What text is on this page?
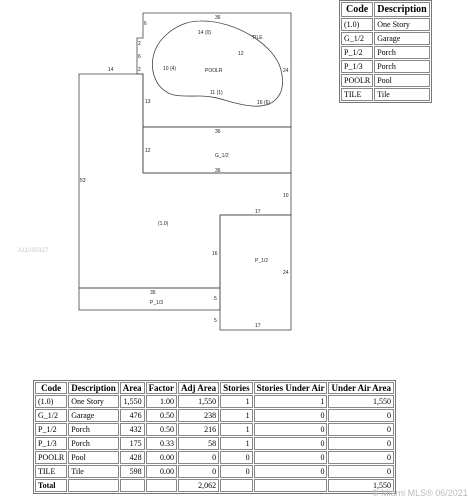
36
6
2
6
2
14	24
13
TILE
14 (0)
12
10 (4)	POOLR
11 (1)
16 (6)
36
12
G_1/2
36
53
10
17
(1.0)
16
P_1/2
24
35
5
P_1/3
5
17
Code	Description
(1.0)	One Story
G_1/2	Garage
P_1/2	Porch
P_1/3	Porch
POOLR	Pool
TILE	Tile
A11050327
Code	Description	Area	Factor	Adj Area	Stories	Stories Under Air	Under Air Area
(1.0)	One Story	1,550	1.00	1,550	1	1	1,550
G_1/2	Garage	476	0.50	238	1	0	0
P_1/2	Porch	432	0.50	216	1	0	0
P_1/3	Porch	175	0.33	58	1	0	0
POOLR	Pool	428	0.00	0	0	0	0
TILE	Tile	598	0.00	0	0	0	0
Total				2,062			1,550
© Miami MLS® 06/2021
